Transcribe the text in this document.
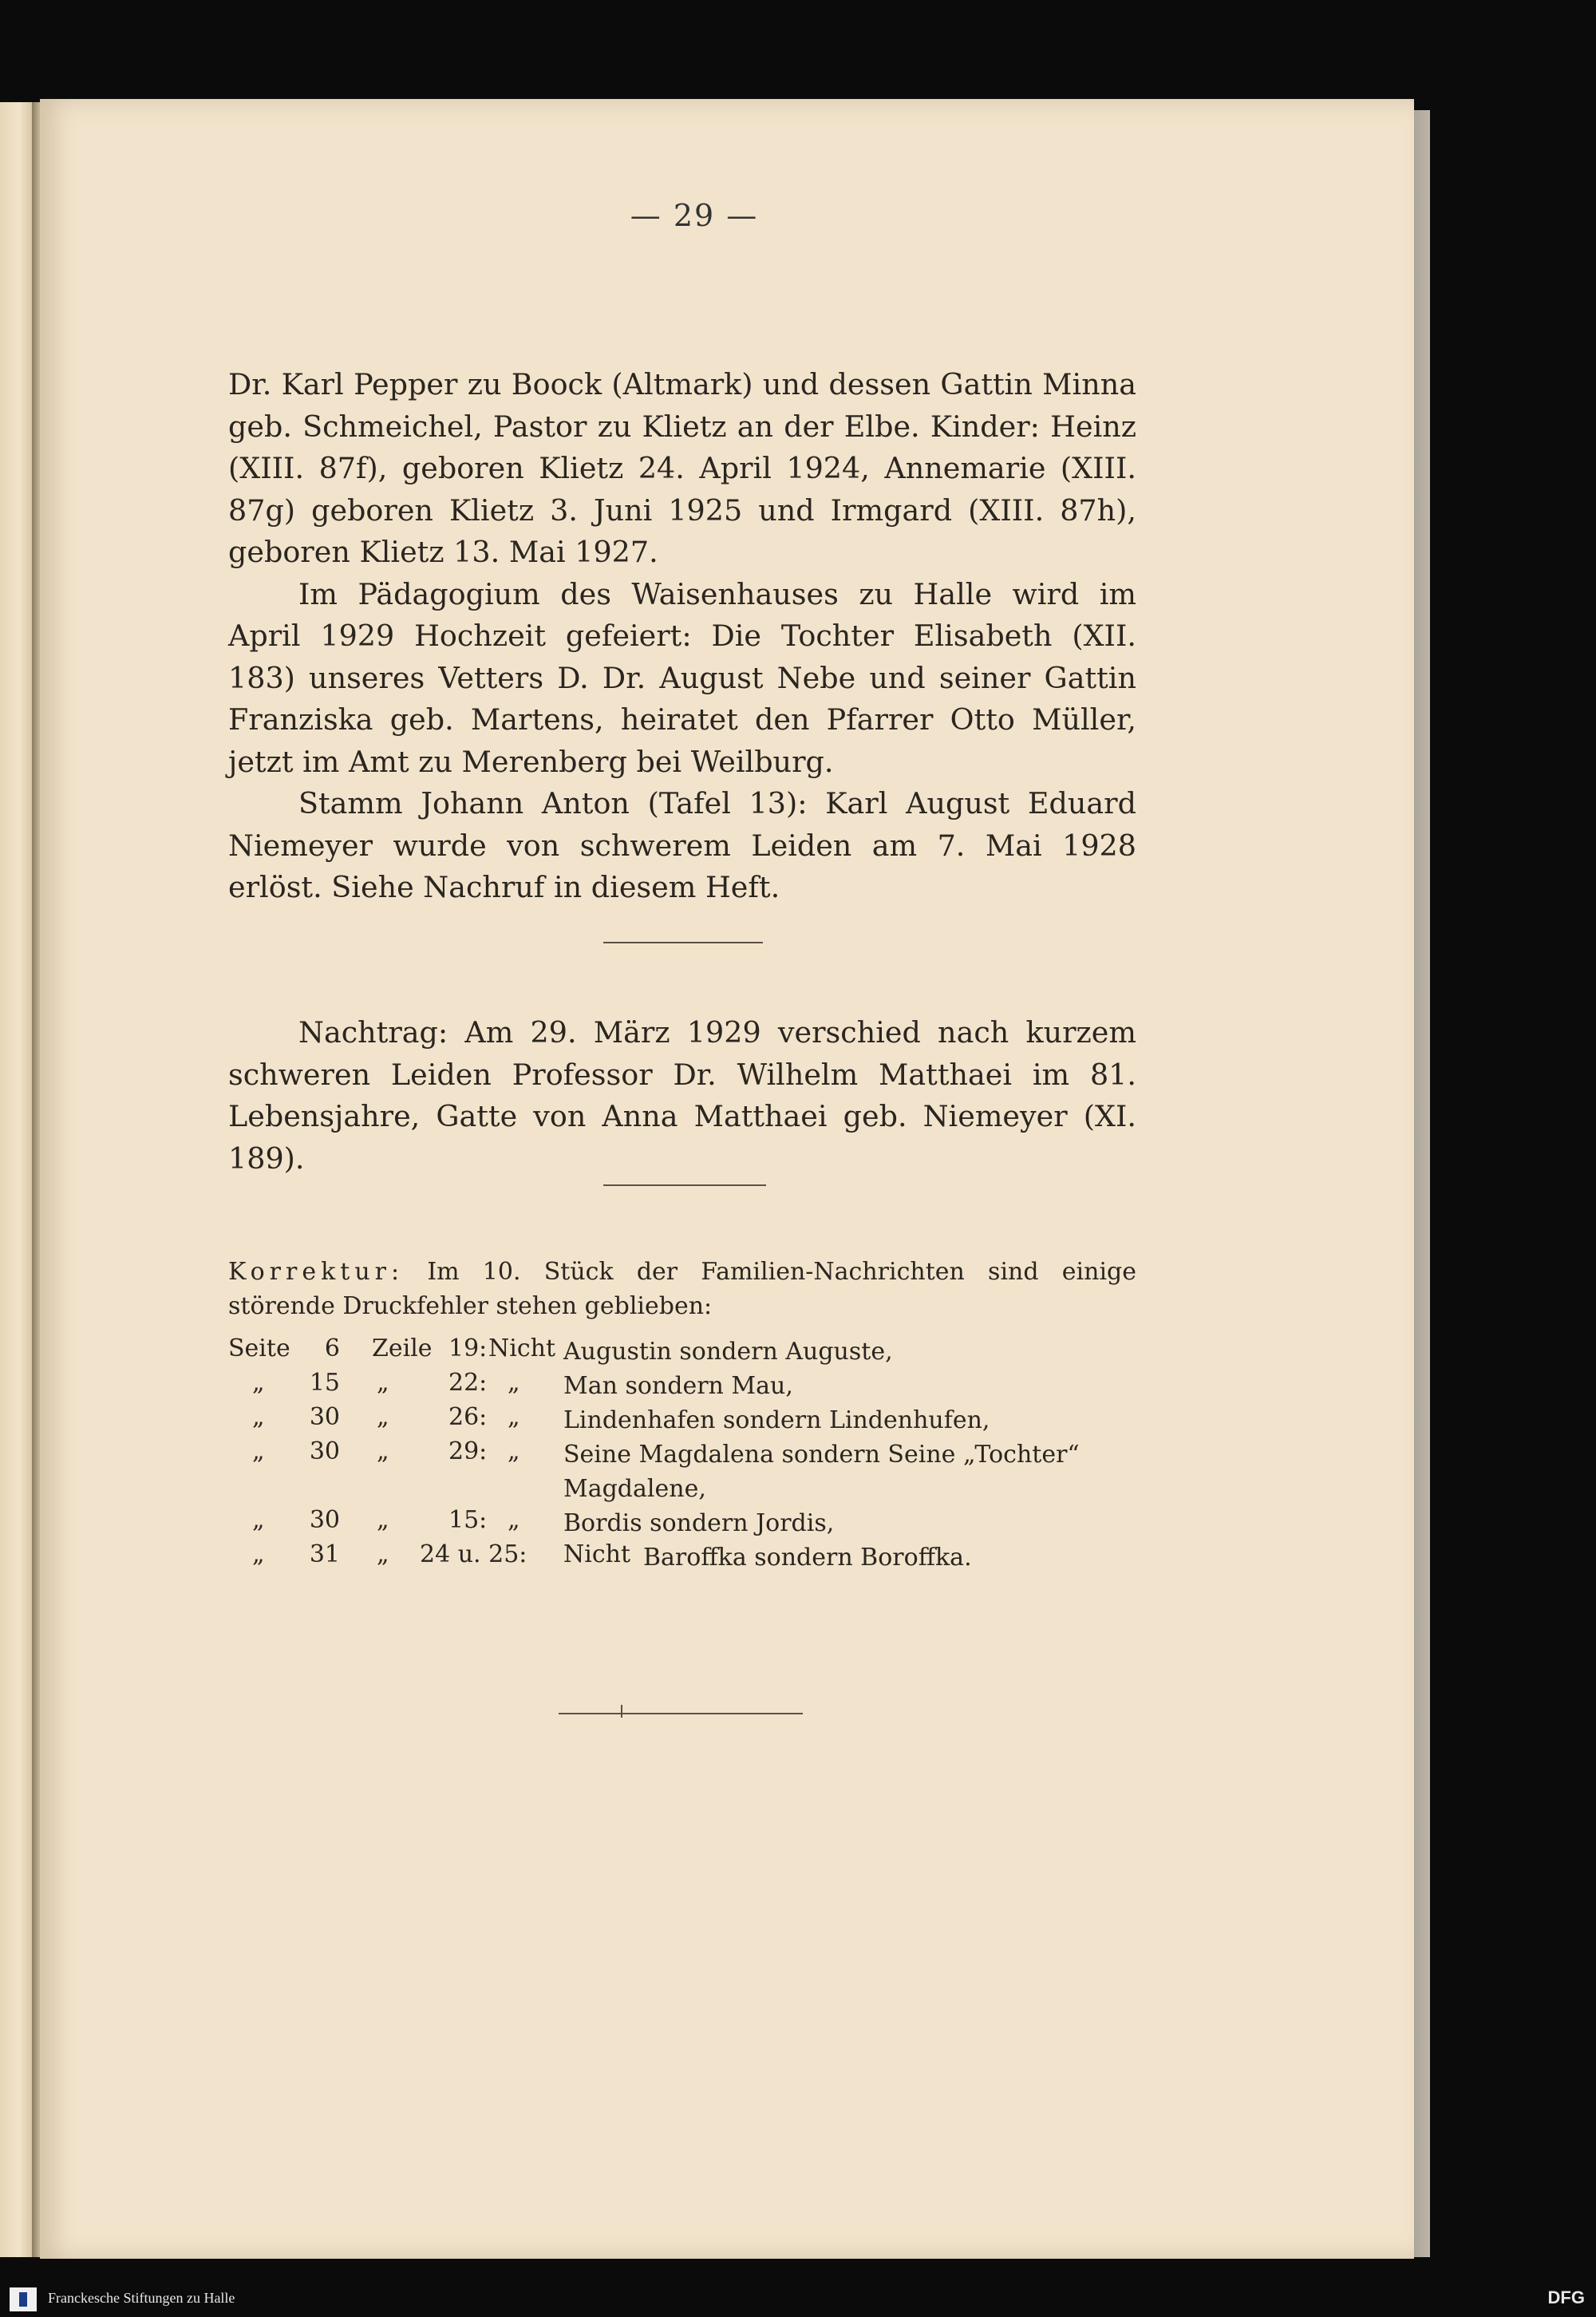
— 29 —

Dr. Karl Pepper zu Boock (Altmark) und dessen Gattin Minna geb. Schmeichel, Pastor zu Klietz an der Elbe. Kinder: Heinz (XIII. 87f), geboren Klietz 24. April 1924, Annemarie (XIII. 87g) geboren Klietz 3. Juni 1925 und Irmgard (XIII. 87h), geboren Klietz 13. Mai 1927.

Im Pädagogium des Waisenhauses zu Halle wird im April 1929 Hochzeit gefeiert: Die Tochter Elisabeth (XII. 183) unseres Vetters D. Dr. August Nebe und seiner Gattin Franziska geb. Martens, heiratet den Pfarrer Otto Müller, jetzt im Amt zu Merenberg bei Weilburg.

Stamm Johann Anton (Tafel 13): Karl August Eduard Niemeyer wurde von schwerem Leiden am 7. Mai 1928 erlöst. Siehe Nachruf in diesem Heft.

Nachtrag: Am 29. März 1929 verschied nach kurzem schweren Leiden Professor Dr. Wilhelm Matthaei im 81. Lebensjahre, Gatte von Anna Matthaei geb. Niemeyer (XI. 189).
Korrektur: Im 10. Stück der Familien-Nachrichten sind einige störende Druckfehler stehen geblieben:
Seite	6 Zeile 19: Nicht Augustin sondern Auguste,
„	15 „ 22: „ Man sondern Mau,
„	30 „ 26: „ Lindenhafen sondern Lindenhufen,
„	30 „ 29: „ Seine Magdalena sondern Seine „Tochter“ Magdalene,
„	30 „ 15: „ Bordis sondern Jordis,
„	31 „ 24 u. 25: Nicht Baroffka sondern Boroffka.
Franckesche Stiftungen zu Halle	DFG
